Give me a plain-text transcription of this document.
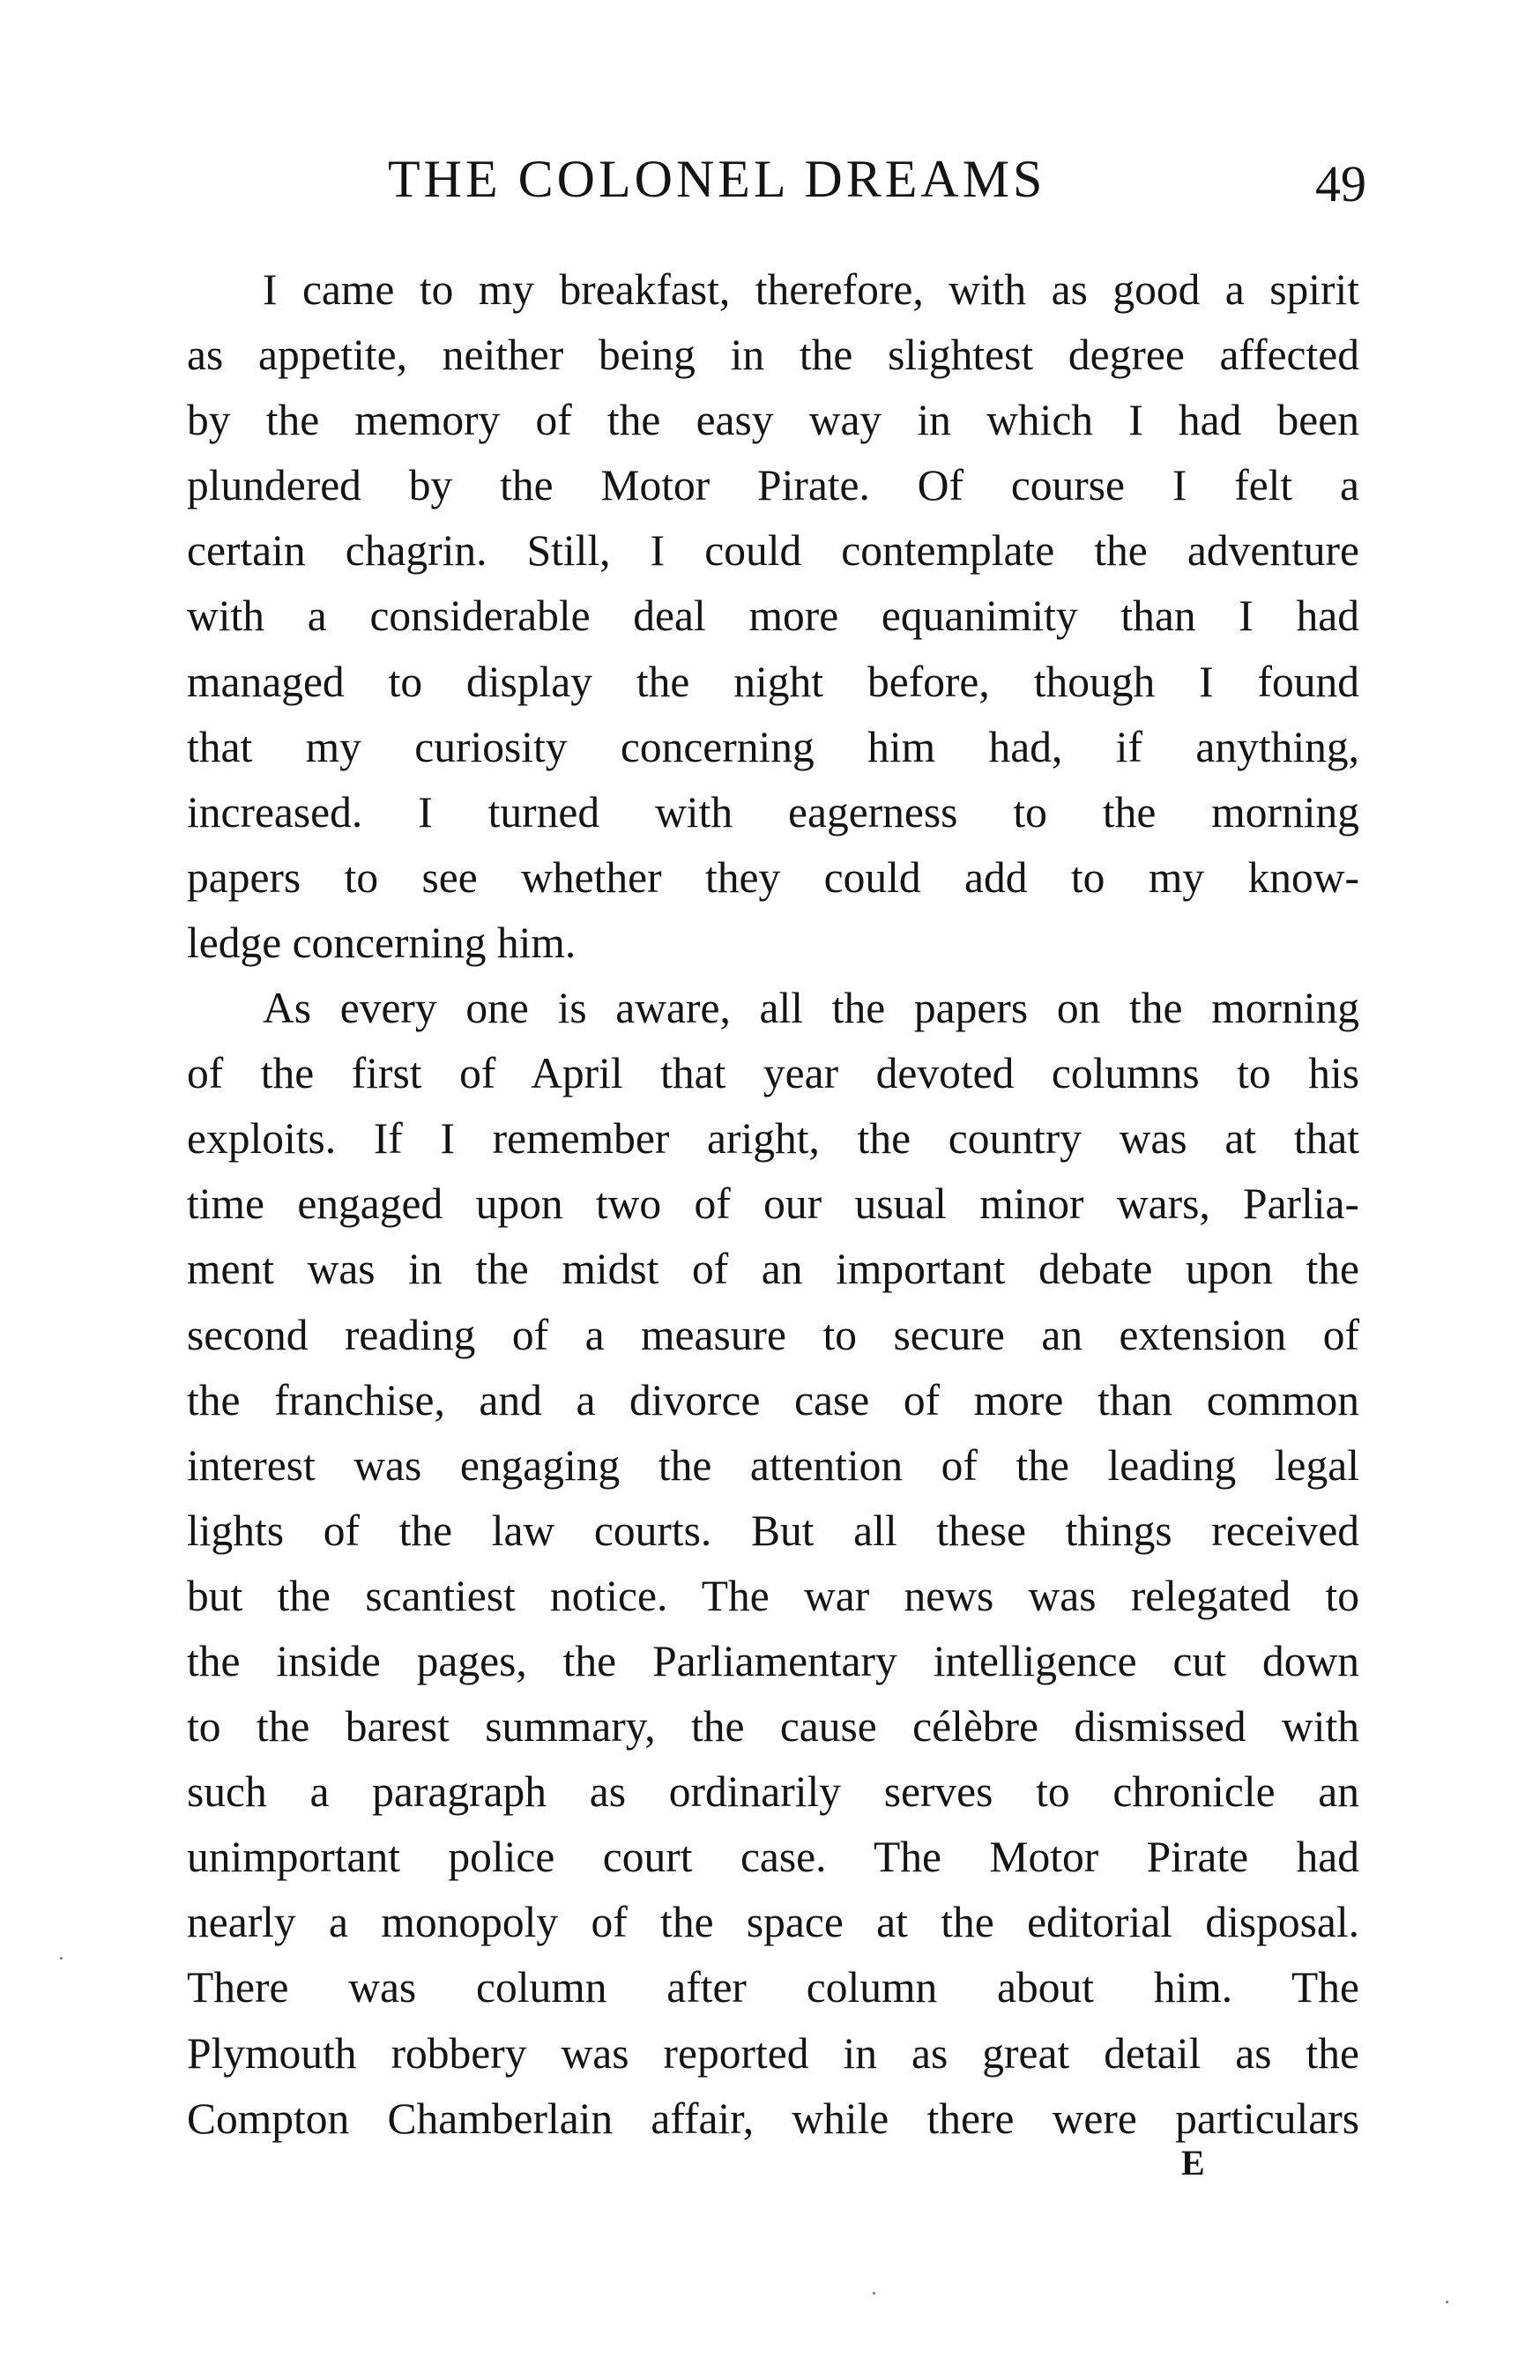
THE COLONEL DREAMS	49
I came to my breakfast, therefore, with as good a spirit
as appetite, neither being in the slightest degree affected
by the memory of the easy way in which I had been
plundered by the Motor Pirate. Of course I felt a
certain chagrin. Still, I could contemplate the adventure
with a considerable deal more equanimity than I had
managed to display the night before, though I found
that my curiosity concerning him had, if anything,
increased. I turned with eagerness to the morning
papers to see whether they could add to my know-
ledge concerning him.
As every one is aware, all the papers on the morning
of the first of April that year devoted columns to his
exploits. If I remember aright, the country was at that
time engaged upon two of our usual minor wars, Parlia-
ment was in the midst of an important debate upon the
second reading of a measure to secure an extension of
the franchise, and a divorce case of more than common
interest was engaging the attention of the leading legal
lights of the law courts. But all these things received
but the scantiest notice. The war news was relegated to
the inside pages, the Parliamentary intelligence cut down
to the barest summary, the cause célèbre dismissed with
such a paragraph as ordinarily serves to chronicle an
unimportant police court case. The Motor Pirate had
nearly a monopoly of the space at the editorial disposal.
There was column after column about him. The
Plymouth robbery was reported in as great detail as the
Compton Chamberlain affair, while there were particulars
E
